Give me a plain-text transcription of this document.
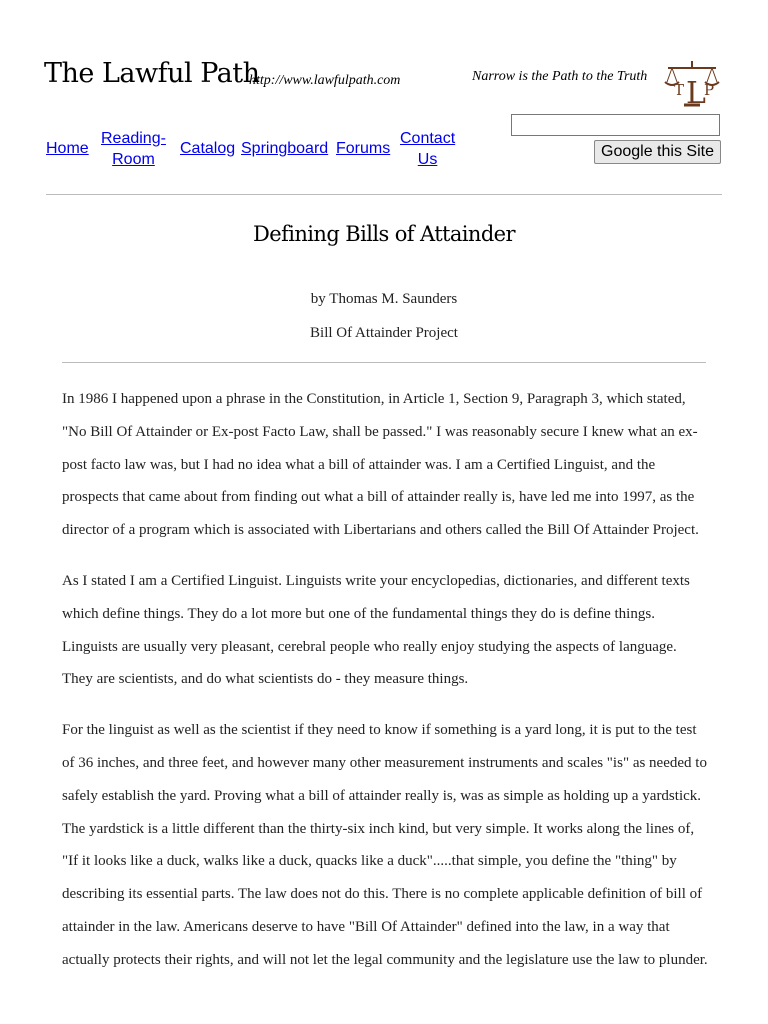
The Lawful Path
http://www.lawfulpath.com	Narrow is the Path to the Truth
T L
P
Home
Reading-
Room
Catalog Springboard Forums
Contact
Us	Google this Site
Defining Bills of Attainder
by Thomas M. Saunders
Bill Of Attainder Project

In 1986 I happened upon a phrase in the Constitution, in Article 1, Section 9, Paragraph 3, which stated, "No Bill Of Attainder or Ex-post Facto Law, shall be passed." I was reasonably secure I knew what an ex-post facto law was, but I had no idea what a bill of attainder was. I am a Certified Linguist, and the prospects that came about from finding out what a bill of attainder really is, have led me into 1997, as the director of a program which is associated with Libertarians and others called the Bill Of Attainder Project.

As I stated I am a Certified Linguist. Linguists write your encyclopedias, dictionaries, and different texts which define things. They do a lot more but one of the fundamental things they do is define things. Linguists are usually very pleasant, cerebral people who really enjoy studying the aspects of language. They are scientists, and do what scientists do - they measure things.

For the linguist as well as the scientist if they need to know if something is a yard long, it is put to the test of 36 inches, and three feet, and however many other measurement instruments and scales "is" as needed to safely establish the yard. Proving what a bill of attainder really is, was as simple as holding up a yardstick. The yardstick is a little different than the thirty-six inch kind, but very simple. It works along the lines of, "If it looks like a duck, walks like a duck, quacks like a duck".....that simple, you define the "thing" by describing its essential parts. The law does not do this. There is no complete applicable definition of bill of attainder in the law. Americans deserve to have "Bill Of Attainder" defined into the law, in a way that actually protects their rights, and will not let the legal community and the legislature use the law to plunder.
